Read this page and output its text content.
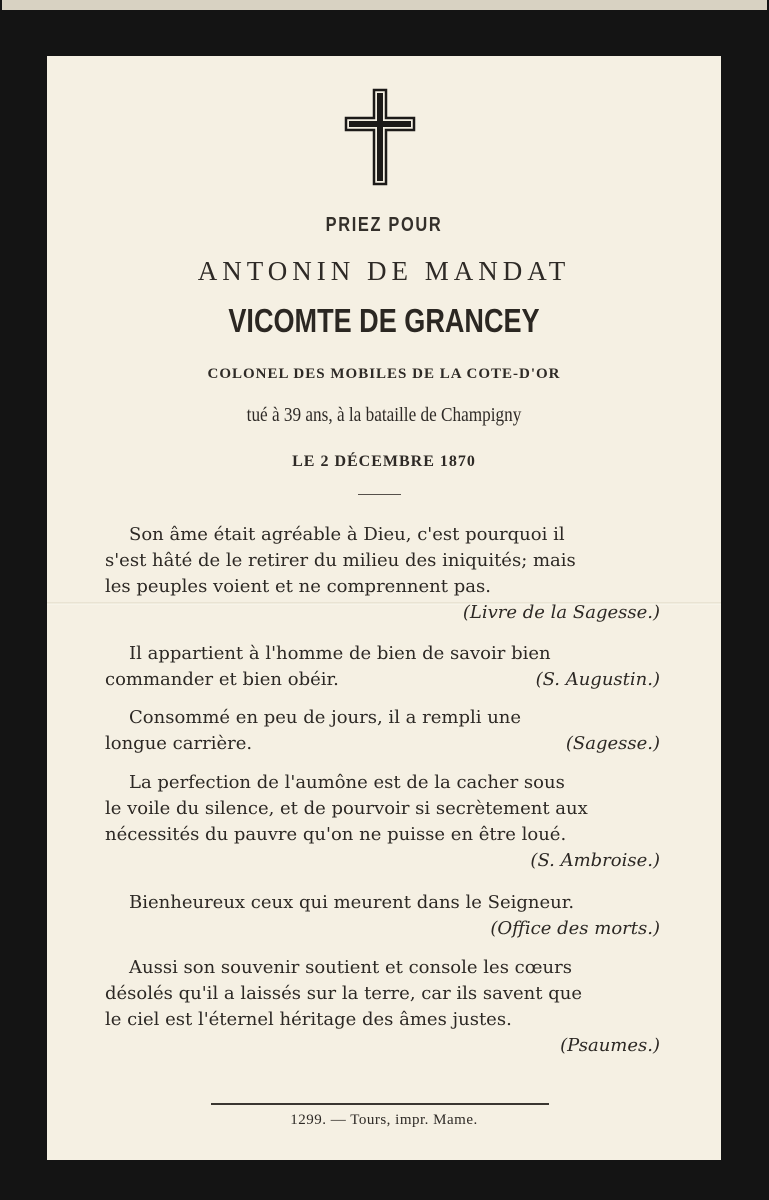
PRIEZ POUR
ANTONIN DE MANDAT
VICOMTE DE GRANCEY
COLONEL DES MOBILES DE LA COTE-D'OR
tué à 39 ans, à la bataille de Champigny
LE 2 DÉCEMBRE 1870

Son âme était agréable à Dieu, c'est pourquoi il

s'est hâté de le retirer du milieu des iniquités; mais

les peuples voient et ne comprennent pas.

(Livre de la Sagesse.)

Il appartient à l'homme de bien de savoir bien

commander et bien obéir.	(S. Augustin.)

Consommé en peu de jours, il a rempli une

longue carrière.	(Sagesse.)

La perfection de l'aumône est de la cacher sous

le voile du silence, et de pourvoir si secrètement aux

nécessités du pauvre qu'on ne puisse en être loué.

(S. Ambroise.)

Bienheureux ceux qui meurent dans le Seigneur.

(Office des morts.)

Aussi son souvenir soutient et console les cœurs

désolés qu'il a laissés sur la terre, car ils savent que

le ciel est l'éternel héritage des âmes justes.

(Psaumes.)
1299. — Tours, impr. Mame.
